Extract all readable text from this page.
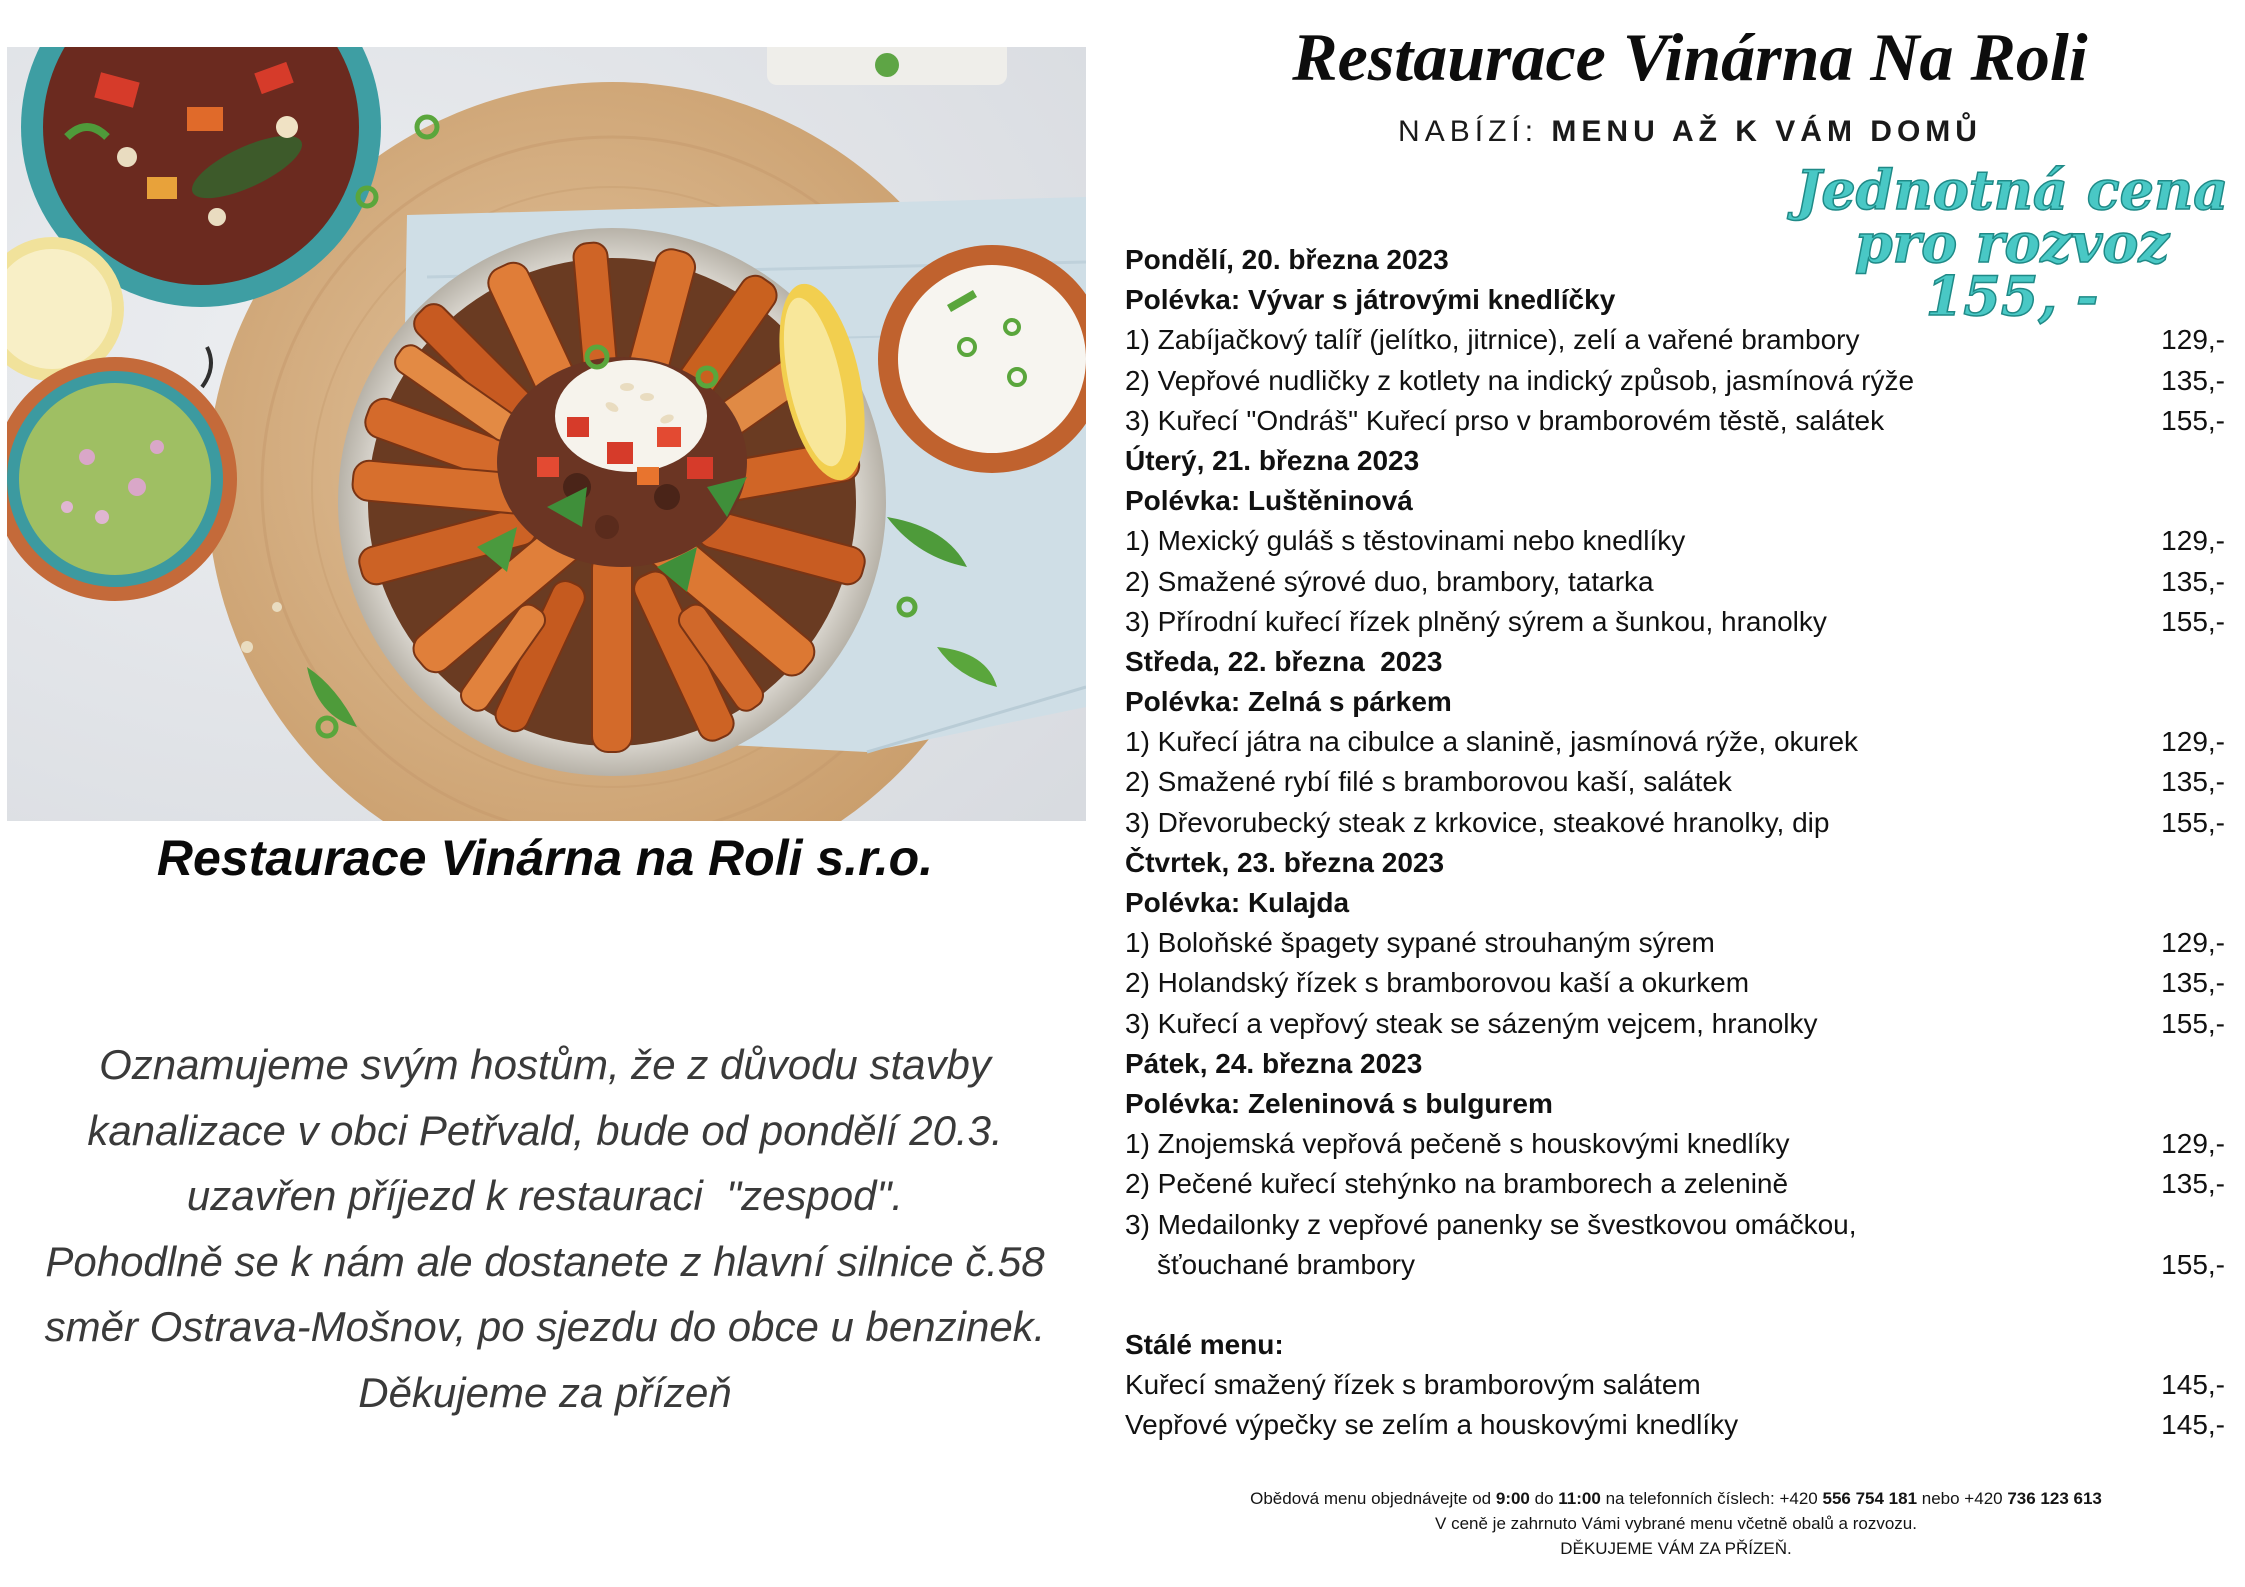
Restaurace Vinárna na Roli s.r.o.
Oznamujeme svým hostům, že z důvodu stavby
kanalizace v obci Petřvald, bude od pondělí 20.3.
uzavřen příjezd k restauraci  "zespod".
Pohodlně se k nám ale dostanete z hlavní silnice č.58
směr Ostrava-Mošnov, po sjezdu do obce u benzinek.
Děkujeme za přízeň
Restaurace Vinárna Na Roli
NABÍZÍ: MENU AŽ K VÁM DOMŮ
Jednotná cena
pro rozvoz
155, -
Pondělí, 20. března 2023
Polévka: Vývar s játrovými knedlíčky
1) Zabíjačkový talíř (jelítko, jitrnice), zelí a vařené brambory	129,-
2) Vepřové nudličky z kotlety na indický způsob, jasmínová rýže	135,-
3) Kuřecí "Ondráš" Kuřecí prso v bramborovém těstě, salátek	155,-
Úterý, 21. března 2023
Polévka: Luštěninová
1) Mexický guláš s těstovinami nebo knedlíky	129,-
2) Smažené sýrové duo, brambory, tatarka	135,-
3) Přírodní kuřecí řízek plněný sýrem a šunkou, hranolky	155,-
Středa, 22. března  2023
Polévka: Zelná s párkem
1) Kuřecí játra na cibulce a slanině, jasmínová rýže, okurek	129,-
2) Smažené rybí filé s bramborovou kaší, salátek	135,-
3) Dřevorubecký steak z krkovice, steakové hranolky, dip	155,-
Čtvrtek, 23. března 2023
Polévka: Kulajda
1) Boloňské špagety sypané strouhaným sýrem	129,-
2) Holandský řízek s bramborovou kaší a okurkem	135,-
3) Kuřecí a vepřový steak se sázeným vejcem, hranolky	155,-
Pátek, 24. března 2023
Polévka: Zeleninová s bulgurem
1) Znojemská vepřová pečeně s houskovými knedlíky	129,-
2) Pečené kuřecí stehýnko na bramborech a zelenině	135,-
3) Medailonky z vepřové panenky se švestkovou omáčkou,
šťouchané brambory	155,-
Stálé menu:
Kuřecí smažený řízek s bramborovým salátem	145,-
Vepřové výpečky se zelím a houskovými knedlíky	145,-
Obědová menu objednávejte od 9:00 do 11:00 na telefonních číslech: +420 556 754 181 nebo +420 736 123 613
V ceně je zahrnuto Vámi vybrané menu včetně obalů a rozvozu.
DĚKUJEME VÁM ZA PŘÍZEŇ.
